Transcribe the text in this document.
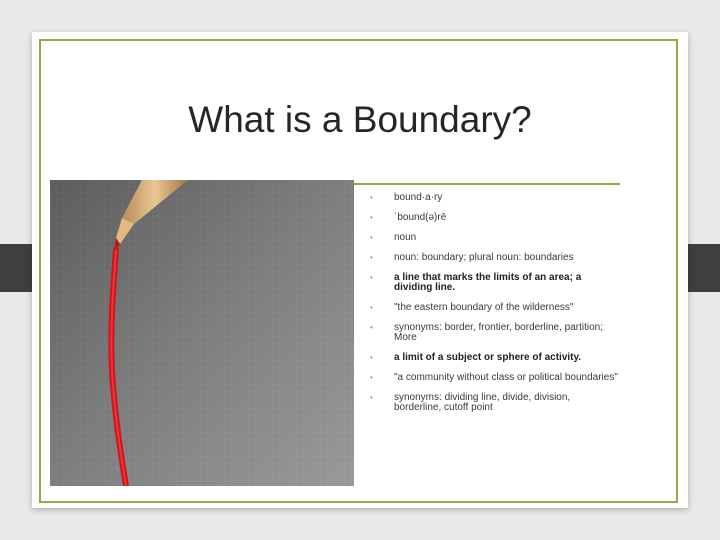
What is a Boundary?
• bound·a·ry
• ˈbound(ə)rē
• noun
• noun: boundary; plural noun: boundaries
• a line that marks the limits of an area; a dividing line.
• "the eastern boundary of the wilderness"
• synonyms: border, frontier, borderline, partition; More
• a limit of a subject or sphere of activity.
• "a community without class or political boundaries"
• synonyms: dividing line, divide, division, borderline, cutoff point
